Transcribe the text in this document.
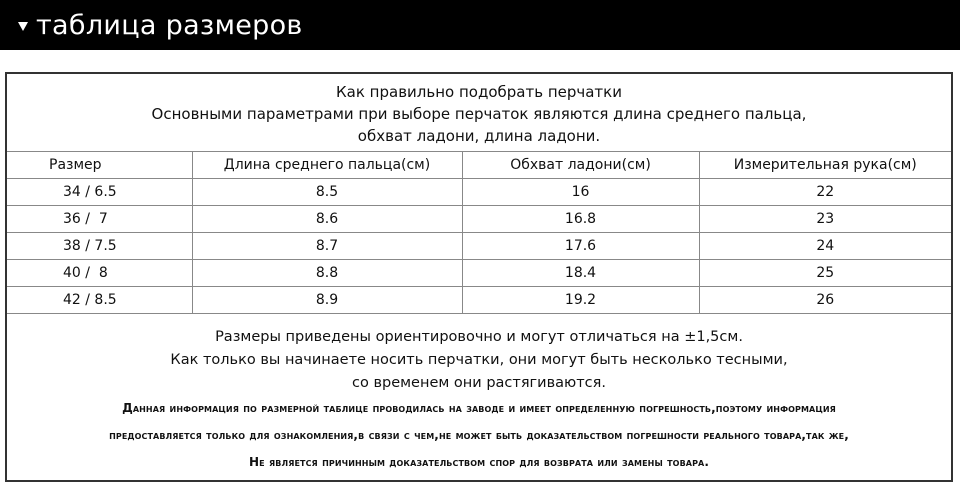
таблица размеров
Как правильно подобрать перчатки
Основными параметрами при выборе перчаток являются длина среднего пальца,
обхват ладони, длина ладони.
Размер	Длина среднего пальца(см)	Обхват ладони(см)	Измерительная рука(см)
34 / 6.5	8.5	16	22
36 /  7	8.6	16.8	23
38 / 7.5	8.7	17.6	24
40 /  8	8.8	18.4	25
42 / 8.5	8.9	19.2	26
Размеры приведены ориентировочно и могут отличаться на ±1,5см.
Как только вы начинаете носить перчатки, они могут быть несколько тесными,
со временем они растягиваются.
Данная информация по размерной таблице проводилась на заводе и имеет определенную погрешность,поэтому информация
предоставляется только для ознакомления,в связи с чем,не может быть доказательством погрешности реального товара,так же,
Не является причинным доказательством спор для возврата или замены товара.
